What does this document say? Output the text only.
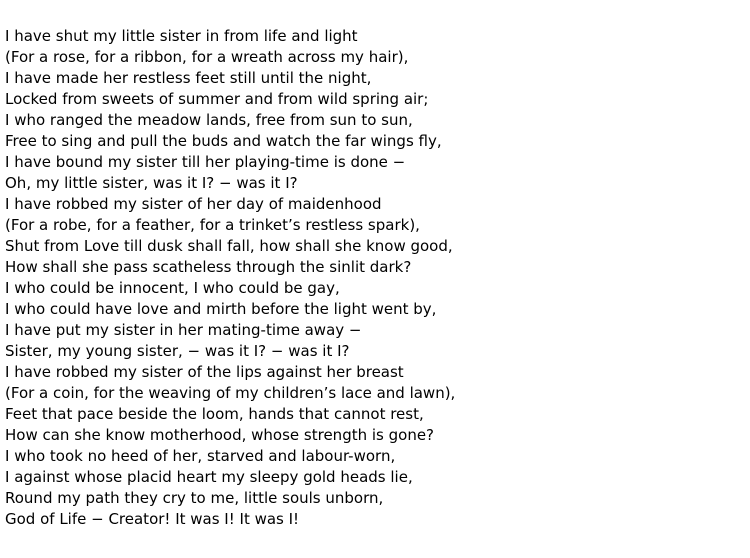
I have shut my little sister in from life and light
(For a rose, for a ribbon, for a wreath across my hair),
I have made her restless feet still until the night,
Locked from sweets of summer and from wild spring air;
I who ranged the meadow lands, free from sun to sun,
Free to sing and pull the buds and watch the far wings fly,
I have bound my sister till her playing-time is done −
Oh, my little sister, was it I? − was it I?
I have robbed my sister of her day of maidenhood
(For a robe, for a feather, for a trinket’s restless spark),
Shut from Love till dusk shall fall, how shall she know good,
How shall she pass scatheless through the sinlit dark?
I who could be innocent, I who could be gay,
I who could have love and mirth before the light went by,
I have put my sister in her mating-time away −
Sister, my young sister, − was it I? − was it I?
I have robbed my sister of the lips against her breast
(For a coin, for the weaving of my children’s lace and lawn),
Feet that pace beside the loom, hands that cannot rest,
How can she know motherhood, whose strength is gone?
I who took no heed of her, starved and labour-worn,
I against whose placid heart my sleepy gold heads lie,
Round my path they cry to me, little souls unborn,
God of Life − Creator! It was I! It was I!
